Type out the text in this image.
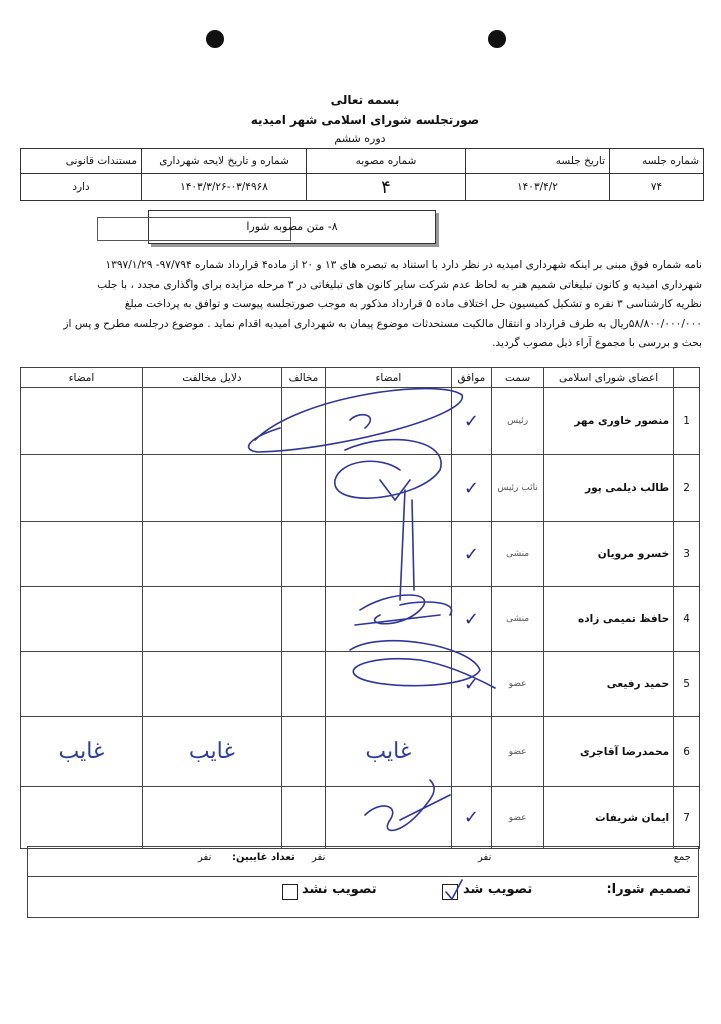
بسمه تعالی
صورتجلسه شورای اسلامی شهر امیدیه
دوره ششم
مستندات قانونی	شماره و تاریخ لایحه شهرداری	شماره مصوبه	تاریخ جلسه	شماره جلسه
دارد	۱۴۰۳/۳/۲۶-۰۳/۴۹۶۸	۴	۱۴۰۳/۴/۲	۷۴
۸- متن مصوبه شورا
نامه شماره فوق مبنی بر اینکه شهرداری امیدیه در نظر دارد با استناد به تبصره های ۱۳ و ۲۰ از ماده۴ قرارداد شماره ۹۷/۷۹۴- ۱۳۹۷/۱/۲۹
شهرداری امیدیه و کانون تبلیغاتی شمیم هنر به لحاظ عدم شرکت سایر کانون های تبلیغاتی در ۳ مرحله مزایده برای واگذاری مجدد ، با جلب
نظریه کارشناسی ۳ نفره و تشکیل کمیسیون حل اختلاف ماده ۵ قرارداد مذکور به موجب صورتجلسه پیوست و توافق به پرداخت مبلغ
۵۸/۸۰۰/۰۰۰/۰۰۰ریال به طرف قرارداد و انتقال مالکیت مستحدثات موضوع پیمان به شهرداری امیدیه اقدام نماید . موضوع درجلسه مطرح و پس از
بحث و بررسی با مجموع آراء ذیل مصوب گردید.
امضاء	دلایل مخالفت	مخالف	امضاء	موافق	سمت	اعضای شورای اسلامی	
				✓	رئیس	منصور خاوری مهر	1
				✓	نائب رئیس	طالب دیلمی پور	2
				✓	منشی	خسرو مرویان	3
				✓	منشی	حافظ تمیمی زاده	4
				✓	عضو	حمید رفیعی	5
غایب	غایب		غایب		عضو	محمدرضا آقاجری	6
				✓	عضو	ایمان شریفات	7
جمع
نفر
نفر
تعداد غایبین:
نفر
تصمیم شورا:
تصویب شد
تصویب نشد
